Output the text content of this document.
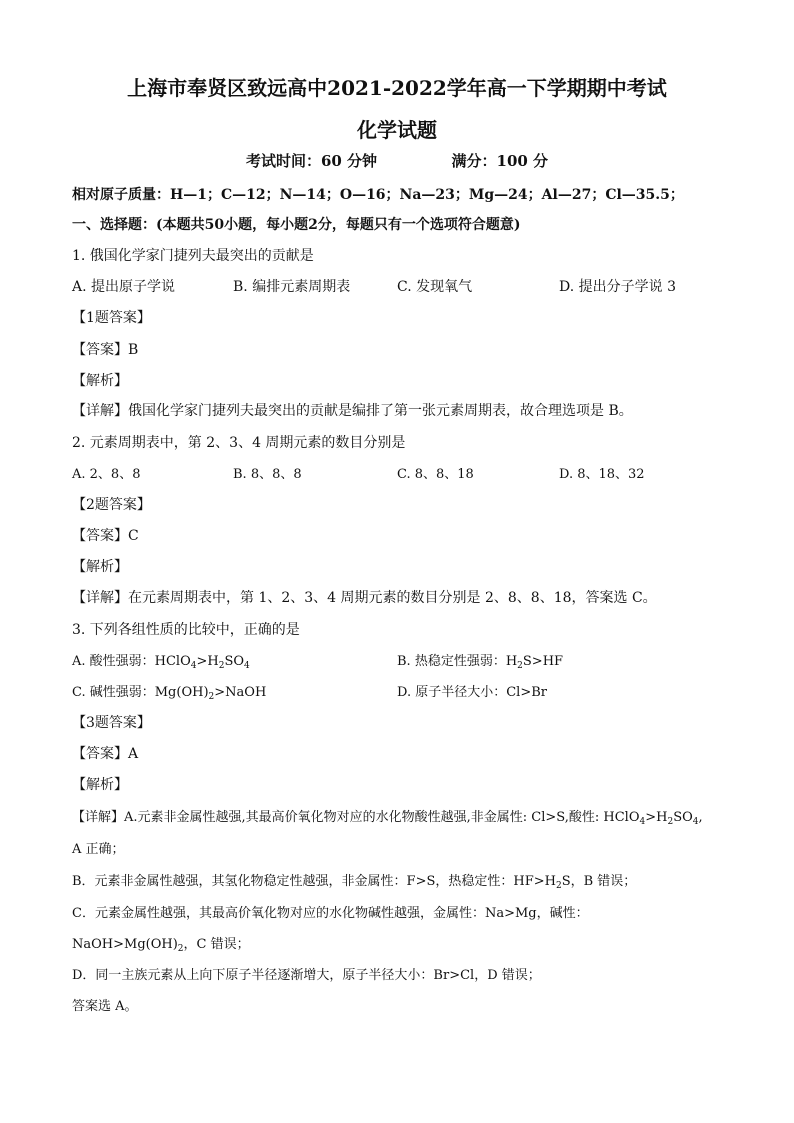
上海市奉贤区致远高中2021-2022学年高一下学期期中考试
化学试题
考试时间：60 分钟	满分：100 分
相对原子质量：H—1；C—12；N—14；O—16；Na—23；Mg—24；Al—27；Cl—35.5；
一、选择题：(本题共50小题，每小题2分，每题只有一个选项符合题意)
1. 俄国化学家门捷列夫最突出的贡献是
A. 提出原子学说	B. 编排元素周期表	C. 发现氧气	D. 提出分子学说 3
【1题答案】
【答案】B
【解析】
【详解】俄国化学家门捷列夫最突出的贡献是编排了第一张元素周期表，故合理选项是 B。
2. 元素周期表中，第 2、3、4 周期元素的数目分别是
A. 2、8、8	B. 8、8、8	C. 8、8、18	D. 8、18、32
【2题答案】
【答案】C
【解析】
【详解】在元素周期表中，第 1、2、3、4 周期元素的数目分别是 2、8、8、18，答案选 C。
3. 下列各组性质的比较中，正确的是
A. 酸性强弱：$HClO_4>H_2SO_4$	B. 热稳定性强弱：$H_2S>HF$
C. 碱性强弱：$Mg(OH)_2>NaOH$	D. 原子半径大小：Cl>Br
【3题答案】
【答案】A
【解析】
【详解】A.元素非金属性越强,其最高价氧化物对应的水化物酸性越强,非金属性: Cl>S,酸性: $HClO_4>H_2SO_4$,
A 正确；
B．元素非金属性越强，其氢化物稳定性越强，非金属性：F>S，热稳定性：$HF>H_2S$，B 错误；
C．元素金属性越强，其最高价氧化物对应的水化物碱性越强，金属性：Na>Mg，碱性：
$NaOH>Mg(OH)_2$，C 错误；
D．同一主族元素从上向下原子半径逐渐增大，原子半径大小：Br>Cl，D 错误；
答案选 A。
